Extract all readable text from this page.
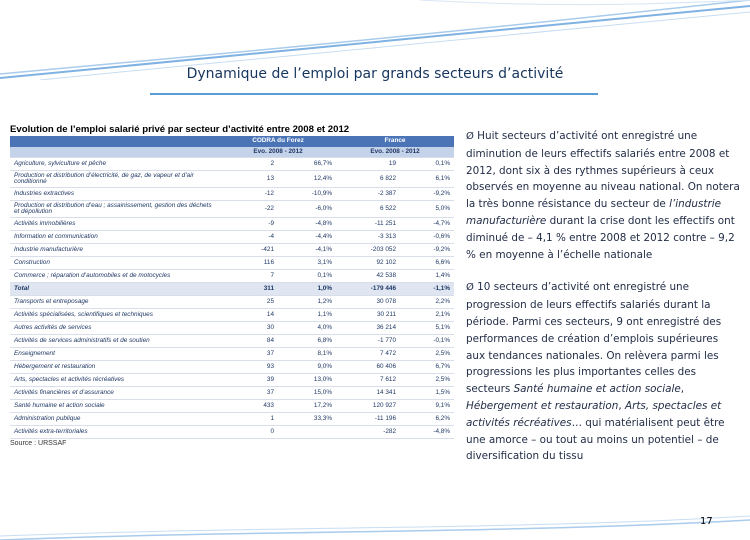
Dynamique de l’emploi par grands secteurs d’activité
Evolution de l’emploi salarié privé par secteur d’activité entre 2008 et 2012
	CODRA du Forez		France	
	Evo. 2008 - 2012		Evo. 2008 - 2012	
Agriculture, sylviculture et pêche	2	66,7%	19	0,1%
Production et distribution d’électricité, de gaz, de vapeur et d’air conditionné	13	12,4%	6 822	6,1%
Industries extractives	-12	-10,9%	-2 387	-9,2%
Production et distribution d’eau ; assainissement, gestion des déchets et dépollution	-22	-6,0%	6 522	5,0%
Activités immobilières	-9	-4,8%	-11 251	-4,7%
Information et communication	-4	-4,4%	-3 313	-0,6%
Industrie manufacturière	-421	-4,1%	-203 052	-9,2%
Construction	116	3,1%	92 102	6,6%
Commerce ; réparation d’automobiles et de motocycles	7	0,1%	42 538	1,4%
Total	311	1,0%	-179 446	-1,1%
Transports et entreposage	25	1,2%	30 078	2,2%
Activités spécialisées, scientifiques et techniques	14	1,1%	30 211	2,1%
Autres activités de services	30	4,0%	36 214	5,1%
Activités de services administratifs et de soutien	84	6,8%	-1 770	-0,1%
Enseignement	37	8,1%	7 472	2,5%
Hébergement et restauration	93	9,0%	60 406	6,7%
Arts, spectacles et activités récréatives	39	13,0%	7 612	2,5%
Activités financières et d’assurance	37	15,0%	14 341	1,5%
Santé humaine et action sociale	433	17,2%	120 927	9,1%
Administration publique	1	33,3%	-11 196	6,2%
Activités extra-territoriales	0		-282	-4,8%
Source : URSSAF

Ø Huit secteurs d’activité ont enregistré une diminution de leurs effectifs salariés entre 2008 et 2012, dont six à des rythmes supérieurs à ceux observés en moyenne au niveau national. On notera la très bonne résistance du secteur de l’industrie manufacturière durant la crise dont les effectifs ont diminué de – 4,1 % entre 2008 et 2012 contre – 9,2 % en moyenne à l’échelle nationale

Ø 10 secteurs d’activité ont enregistré une progression de leurs effectifs salariés durant la période. Parmi ces secteurs, 9 ont enregistré des performances de création d’emplois supérieures aux tendances nationales. On relèvera parmi les progressions les plus importantes celles des secteurs Santé humaine et action sociale, Hébergement et restauration, Arts, spectacles et activités récréatives… qui matérialisent peut être une amorce – ou tout au moins un potentiel – de diversification du tissu

17
